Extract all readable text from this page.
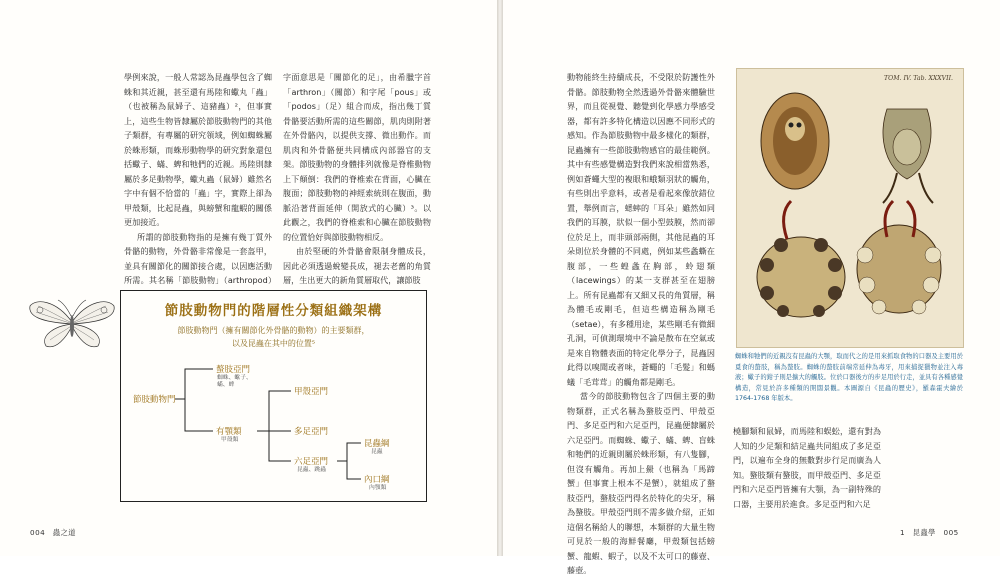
學例來說，一般人常認為昆蟲學包含了蜘蛛和其近親，甚至還有馬陸和蠍丸「蟲」（也被稱為鼠婦子、這豬蟲）²，但事實上，這些生物皆隸屬於節肢動物門的其他子類群，有專屬的研究領域，例如蜘蛛屬於蛛形類，而蛛形動物學的研究對象還包括蠍子、蟎、蜱和牠們的近親。馬陸則隸屬於多足動物學，蠍丸蟲（鼠婦）雖然名字中有個不恰當的「蟲」字，實際上卻為甲殼類，比起昆蟲，與螃蟹和龍蝦的關係更加接近。

所謂的節肢動物指的是擁有幾丁質外骨骼的動物，外骨骼非常像是一套盔甲，並具有關節化的關節接合處，以因應活動所需。其名稱「節肢動物」（arthropod）

字面意思是「關節化的足」，由希臘字首「arthron」（關節）和字尾「pous」或「podos」（足）組合而成，指出幾丁質骨骼要活動所需的這些關節，肌肉則附著在外骨骼內，以提供支撐、微出動作。而肌肉和外骨骼便共同構成內部器官的支架。節肢動物的身體排列就像是脊椎動物上下顛倒：我們的脊椎索在背面，心臟在腹面；節肢動物的神經索統則在腹面，動脈沿著背面延伸（開放式的心臟）³。以此觀之，我們的脊椎索和心臟在節肢動物的位置恰好與節肢動物相反。

由於堅硬的外骨骼會限制身體成長，因此必須透過蛻變長成，褪去老舊的角質層，生出更大的新角質層取代，讓節肢

節肢動物門的階層性分類組織架構
節肢動物門（擁有關節化外骨骼的動物）的主要類群，
以及昆蟲在其中的位置⁵
節肢動物門
螯肢亞門
蜘蛛、蠍子、
蟎、蜱
有顎類
甲殼類
甲殼亞門
多足亞門
六足亞門
昆蟲、跳蟲
昆蟲綱
昆蟲
內口綱
內顎類
004　蟲之道

動物能終生持續成長，不受限於防護性外骨骼。節肢動物全然透過外骨骼來體驗世界，而且從視覺、聽覺到化學感力學感受器，都有許多特化構造以因應不同形式的感知。作為節肢動物中最多樣化的類群，昆蟲擁有一些節肢動物感官的最佳範例。其中有些感覺構造對我們來說相當熟悉，例如蒼蠅大型的複眼和蛾類羽狀的觸角，有些則出乎意料，或者是看起來像放錯位置，舉例而言，蟋蟀的「耳朵」雖然如同我們的耳膜，狀似一個小型鼓膜，然而卻位於足上，而非頭部兩側，其他昆蟲的耳朵則位於身體的不同處，例如某些螽蟖在腹部，一些蝗螽在胸部，蛉翅類（lacewings）的某一支群甚至在翅膀上。所有昆蟲都有又細又長的角質層，稱為體毛或剛毛，但這些構造稱為剛毛（setae），有多種用途，某些剛毛有微細孔洞，可偵測環境中不論是散布在空氣或是來自物體表面的特定化學分子，昆蟲因此得以嗅聞或者味，蒼蠅的「毛髮」和螞蟻「毛茸茸」的觸角都是剛毛。

當今的節肢動物包含了四個主要的動物類群，正式名稱為螯肢亞門、甲殼亞門、多足亞門和六足亞門，昆蟲便隸屬於六足亞門。而蜘蛛、蠍子、蟎、蜱、盲蛛和牠們的近親則屬於蛛形類，有八隻腳，但沒有觸角。再加上鱟（也稱為「馬蹄蟹」但事實上根本不是蟹），就組成了螯肢亞門，螯肢亞門得名於特化的尖牙，稱為螯肢。甲殼亞門則不需多做介紹，正如這個名稱給人的聯想，本類群的大量生物可見於一般的海鮮餐廳，甲殼類包括螃蟹、龍蝦、蝦子，以及不太可口的藤壺、藤壺。

橈腳類和鼠婦，而馬陸和蜈蚣，還有對為人知的少足類和結足蟲共同組成了多足亞門，以遍布全身的無數對步行足而廣為人知。螯肢類有螯肢，而甲殼亞門、多足亞門和六足亞門皆擁有大顎，為一副特殊的口器，主要用於進食。多足亞門和六足

TOM. IV. Tab. XXXVII.
蜘蛛和牠們的近親沒有昆蟲的大顎，取而代之的是用來抓取食物的口器及主要用於覓食的螯肢，稱為螯肢。蜘蛛的螯肢前端常延伸為毒牙，用來捕捉獵物並注入毒液；蠍子的鉗子則是擴大的觸肢。位於口器後方的步足用於行走，並具有各種感覺構造，常見於許多種類的開闊景觀。本圖源自《昆蟲的歷史》，羅森霍夫繪於 1764-1768 年版本。
1　昆蟲學　005
